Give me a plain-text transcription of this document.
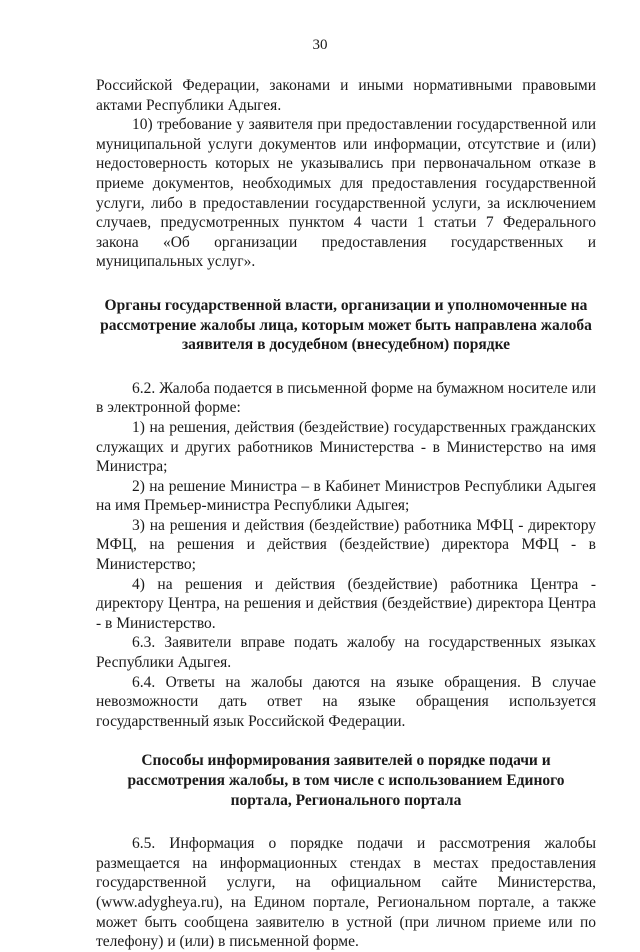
30

Российской Федерации, законами и иными нормативными правовыми актами Республики Адыгея.

10) требование у заявителя при предоставлении государственной или муниципальной услуги документов или информации, отсутствие и (или) недостоверность которых не указывались при первоначальном отказе в приеме документов, необходимых для предоставления государственной услуги, либо в предоставлении государственной услуги, за исключением случаев, предусмотренных пунктом 4 части 1 статьи 7 Федерального закона «Об организации предоставления государственных и муниципальных услуг».

Органы государственной власти, организации и уполномоченные на рассмотрение жалобы лица, которым может быть направлена жалоба заявителя в досудебном (внесудебном) порядке

6.2. Жалоба подается в письменной форме на бумажном носителе или в электронной форме:

1) на решения, действия (бездействие) государственных гражданских служащих и других работников Министерства - в Министерство на имя Министра;

2) на решение Министра – в Кабинет Министров Республики Адыгея на имя Премьер-министра Республики Адыгея;

3) на решения и действия (бездействие) работника МФЦ - директору МФЦ, на решения и действия (бездействие) директора МФЦ - в Министерство;

4) на решения и действия (бездействие) работника Центра - директору Центра, на решения и действия (бездействие) директора Центра - в Министерство.

6.3. Заявители вправе подать жалобу на государственных языках Республики Адыгея.

6.4. Ответы на жалобы даются на языке обращения. В случае невозможности дать ответ на языке обращения используется государственный язык Российской Федерации.

Способы информирования заявителей о порядке подачи и рассмотрения жалобы, в том числе с использованием Единого портала, Регионального портала

6.5. Информация о порядке подачи и рассмотрения жалобы размещается на информационных стендах в местах предоставления государственной услуги, на официальном сайте Министерства, (www.adygheya.ru), на Едином портале, Региональном портале, а также может быть сообщена заявителю в устной (при личном приеме или по телефону) и (или) в письменной форме.
